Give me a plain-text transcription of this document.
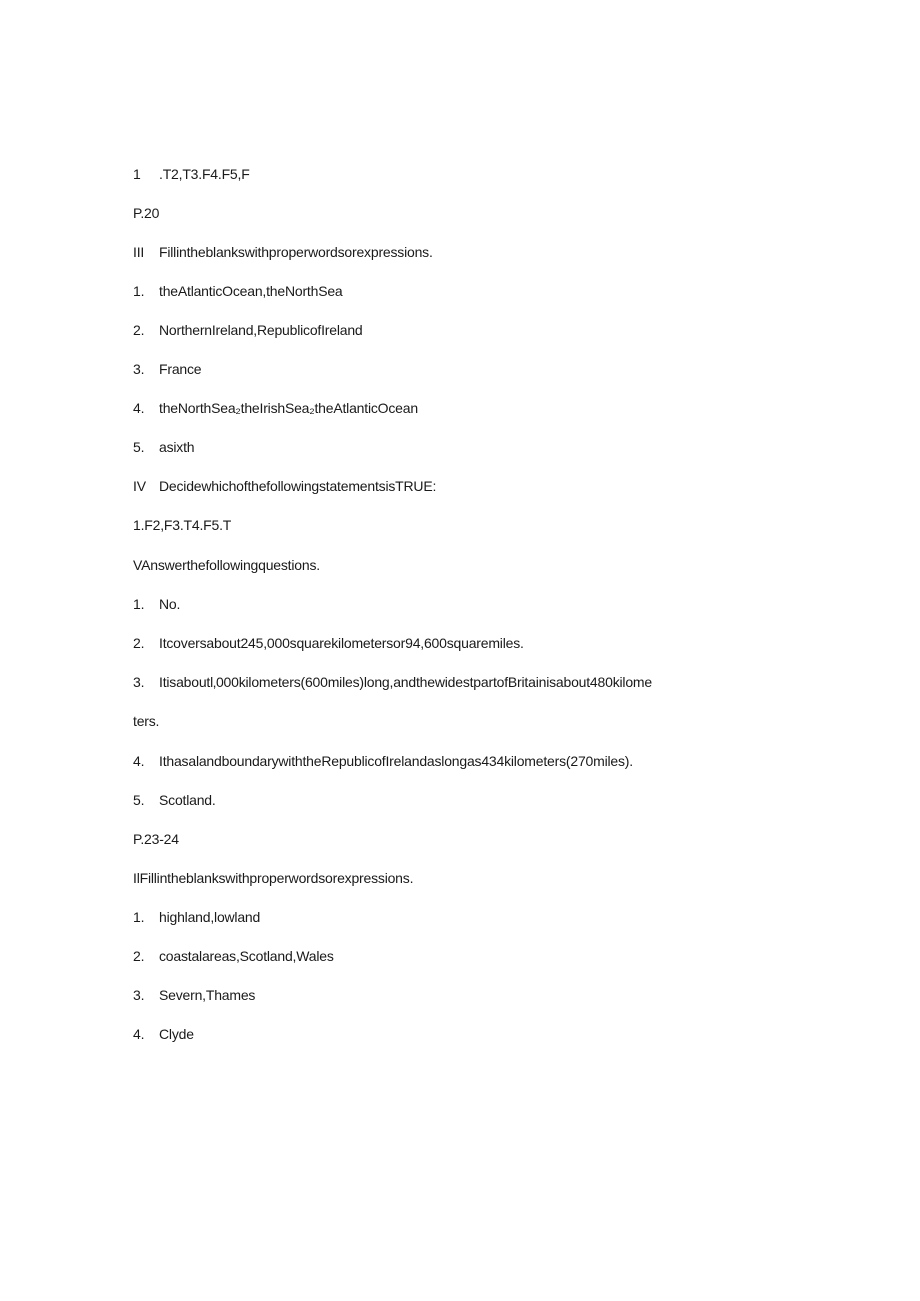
1 .T2,T3.F4.F5,F
P.20
III Fillintheblankswithproperwordsorexpressions.
1. theAtlanticOcean,theNorthSea
2. NorthernIreland,RepublicofIreland
3. France
4. theNorthSea₂theIrishSea₂theAtlanticOcean
5. asixth
IV DecidewhichofthefollowingstatementsisTRUE:
1.F2,F3.T4.F5.T
VAnswerthefollowingquestions.
1. No.
2. Itcoversabout245,000squarekilometersor94,600squaremiles.
3. Itisaboutl‚000kilometers(600miles)long,andthewidestpartofBritainisabout480kilome
ters.
4. IthasalandboundarywiththeRepublicofIrelandaslongas434kilometers(270miles).
5. Scotland.
P.23-24
IlFillintheblankswithproperwordsorexpressions.
1. highland,lowland
2. coastalareas,Scotland,Wales
3. Severn,Thames
4. Clyde
